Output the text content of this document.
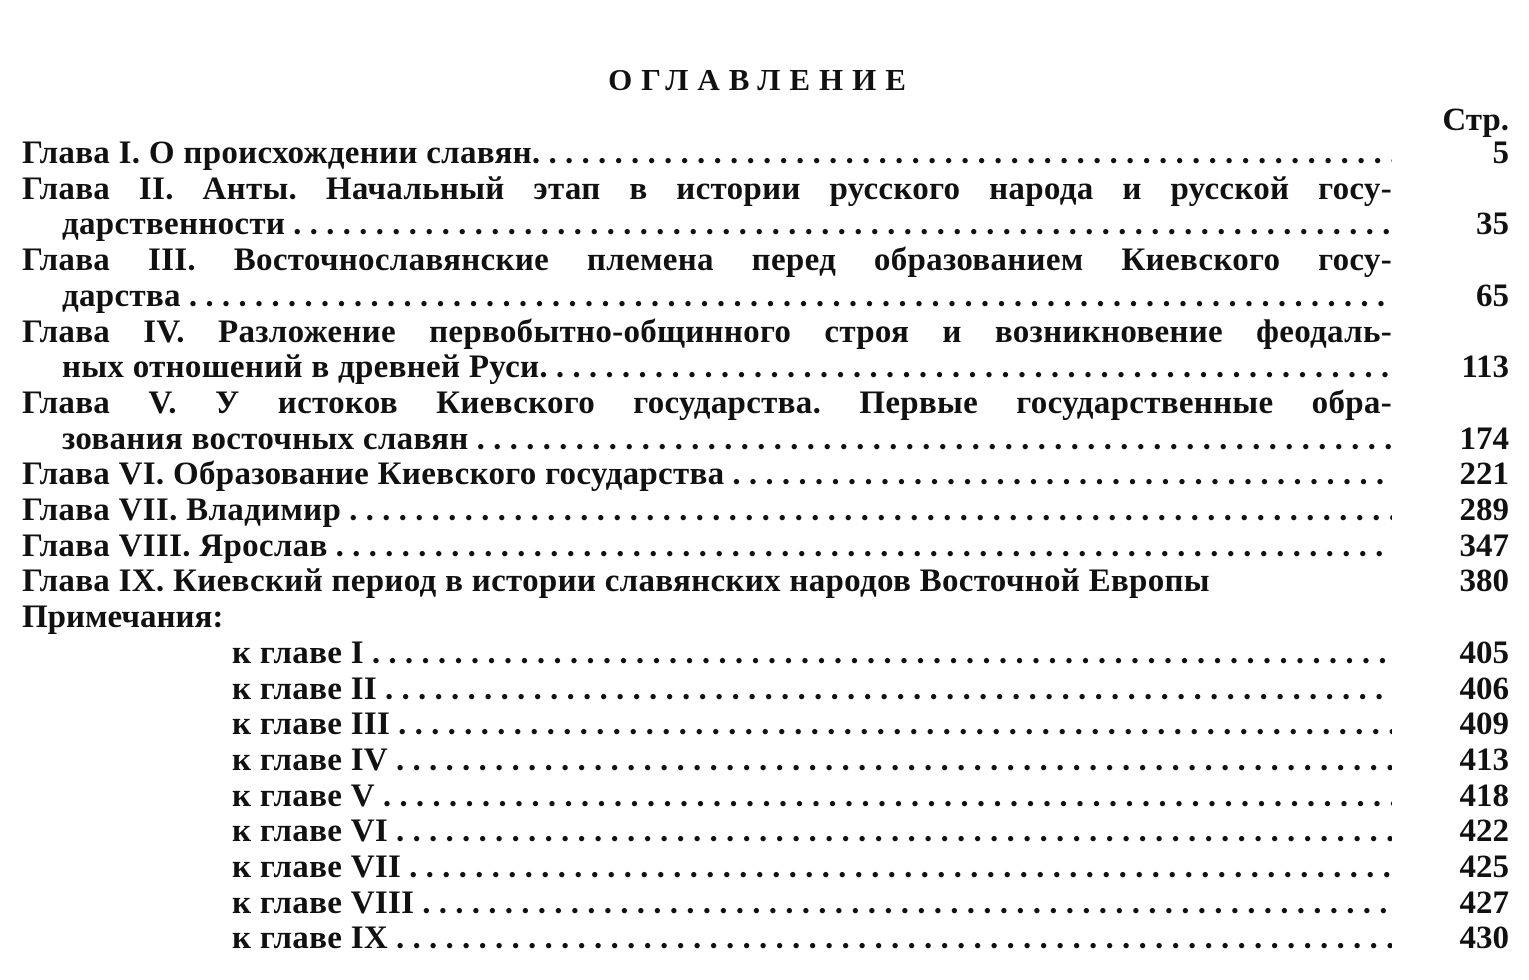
ОГЛАВЛЕНИЕ
Стр.
Глава I. О происхождении славян. . . .	5
Глава II. Анты. Начальный этап в истории русского народа и русской госу-
дарственности . . .	35
Глава III. Восточнославянские племена перед образованием Киевского госу-
дарства . . .	65
Глава IV. Разложение первобытно-общинного строя и возникновение феодаль-
ных отношений в древней Руси. . . .	113
Глава V. У истоков Киевского государства. Первые государственные обра-
зования восточных славян . . .	174
Глава VI. Образование Киевского государства . . .	221
Глава VII. Владимир . . .	289
Глава VIII. Ярослав . . .	347
Глава IX. Киевский период в истории славянских народов Восточной Европы	380
Примечания:
к главе I . . .	405
к главе II . . .	406
к главе III . . .	409
к главе IV . . .	413
к главе V . . .	418
к главе VI . . .	422
к главе VII . . .	425
к главе VIII . . .	427
к главе IX . . .	430
